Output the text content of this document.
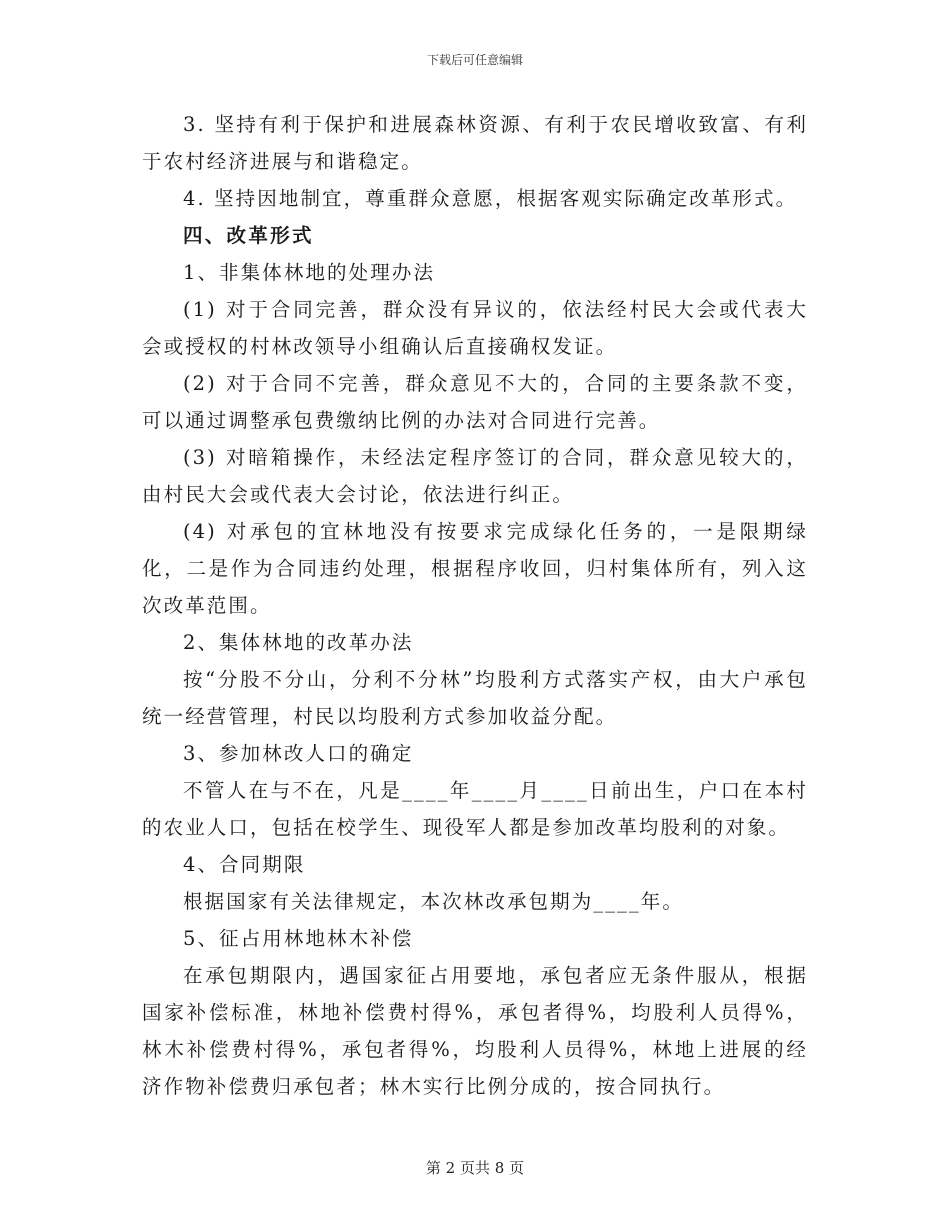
下载后可任意编辑

3. 坚持有利于保护和进展森林资源、有利于农民增收致富、有利于农村经济进展与和谐稳定。

4. 坚持因地制宜，尊重群众意愿，根据客观实际确定改革形式。

四、改革形式

1、非集体林地的处理办法

(1) 对于合同完善，群众没有异议的，依法经村民大会或代表大会或授权的村林改领导小组确认后直接确权发证。

(2) 对于合同不完善，群众意见不大的，合同的主要条款不变，可以通过调整承包费缴纳比例的办法对合同进行完善。

(3) 对暗箱操作，未经法定程序签订的合同，群众意见较大的，由村民大会或代表大会讨论，依法进行纠正。

(4) 对承包的宜林地没有按要求完成绿化任务的，一是限期绿化，二是作为合同违约处理，根据程序收回，归村集体所有，列入这次改革范围。

2、集体林地的改革办法

按“分股不分山，分利不分林”均股利方式落实产权，由大户承包统一经营管理，村民以均股利方式参加收益分配。

3、参加林改人口的确定

不管人在与不在，凡是____年____月____日前出生，户口在本村的农业人口，包括在校学生、现役军人都是参加改革均股利的对象。

4、合同期限

根据国家有关法律规定，本次林改承包期为____年。

5、征占用林地林木补偿

在承包期限内，遇国家征占用要地，承包者应无条件服从，根据国家补偿标准，林地补偿费村得%，承包者得%，均股利人员得%，林木补偿费村得%，承包者得%，均股利人员得%，林地上进展的经济作物补偿费归承包者；林木实行比例分成的，按合同执行。

第 2 页共 8 页
